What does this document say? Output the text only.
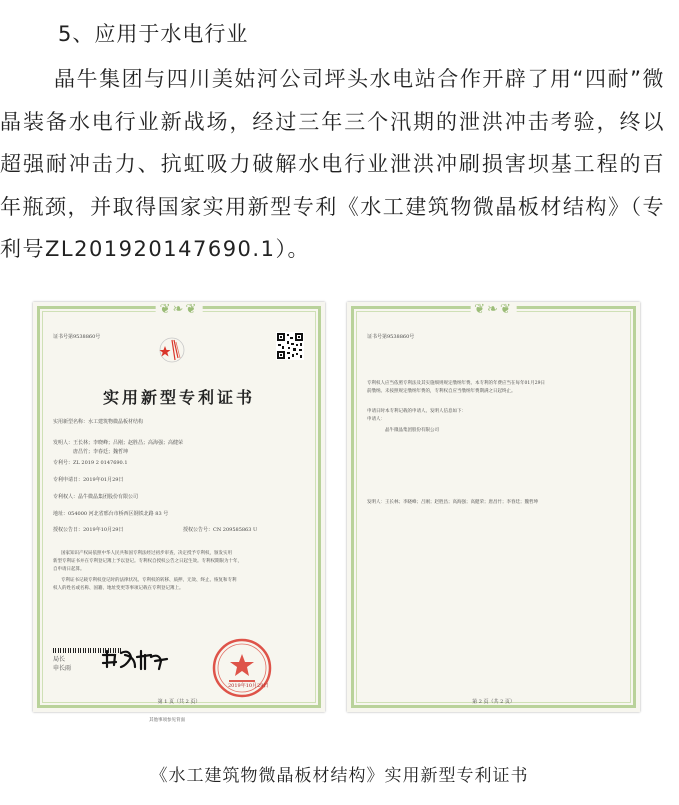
5、应用于水电行业
晶牛集团与四川美姑河公司坪头水电站合作开辟了用“四耐”微晶装备水电行业新战场，经过三年三个汛期的泄洪冲击考验，终以超强耐冲击力、抗虹吸力破解水电行业泄洪冲刷损害坝基工程的百年瓶颈，并取得国家实用新型专利《水工建筑物微晶板材结构》（专利号ZL201920147690.1）。
❦❧❦
证书号第9538860号
实用新型专利证书
实用新型名称：水工建筑物微晶板材结构
发明人：王长林；李晓峰；吕刚；赵胜昌；高海强；高健荣
唐昌竹；李春廷；魏哲坤
专利号：ZL 2019 2 0147690.1
专利申请日：2019年01月29日
专利权人：晶牛微晶集团股份有限公司
地址：054000 河北省邢台市桥西区钢铁北路 83 号
授权公告日：2019年10月29日	授权公告号：CN 209585863 U
国家知识产权局依照中华人民共和国专利法经过初步审查，决定授予专利权，颁发实用
新型专利证书并在专利登记簿上予以登记。专利权自授权公告之日起生效。专利权期限为十年，
自申请日起算。
专利证书记载专利权登记时的法律状况。专利权的转移、质押、无效、终止、恢复和专利
权人的姓名或名称、国籍、地址变更等事项记载在专利登记簿上。
局长
申长雨
2019年10月29日
第 1 页（共 2 页）
其他事项参见背面
❦❧❦
证书号第9538860号
专利权人应当依照专利法及其实施细则规定缴纳年费。本专利的年费应当在每年01月29日
前缴纳。未按照规定缴纳年费的，专利权自应当缴纳年费期满之日起终止。
申请日时本专利记载的申请人、发明人信息如下：
申请人：
晶牛微晶集团股份有限公司
发明人：王长林；李晓峰；吕刚；赵胜昌；高海强；高健荣；唐昌竹；李春廷；魏哲坤
第 2 页（共 2 页）
《水工建筑物微晶板材结构》实用新型专利证书
